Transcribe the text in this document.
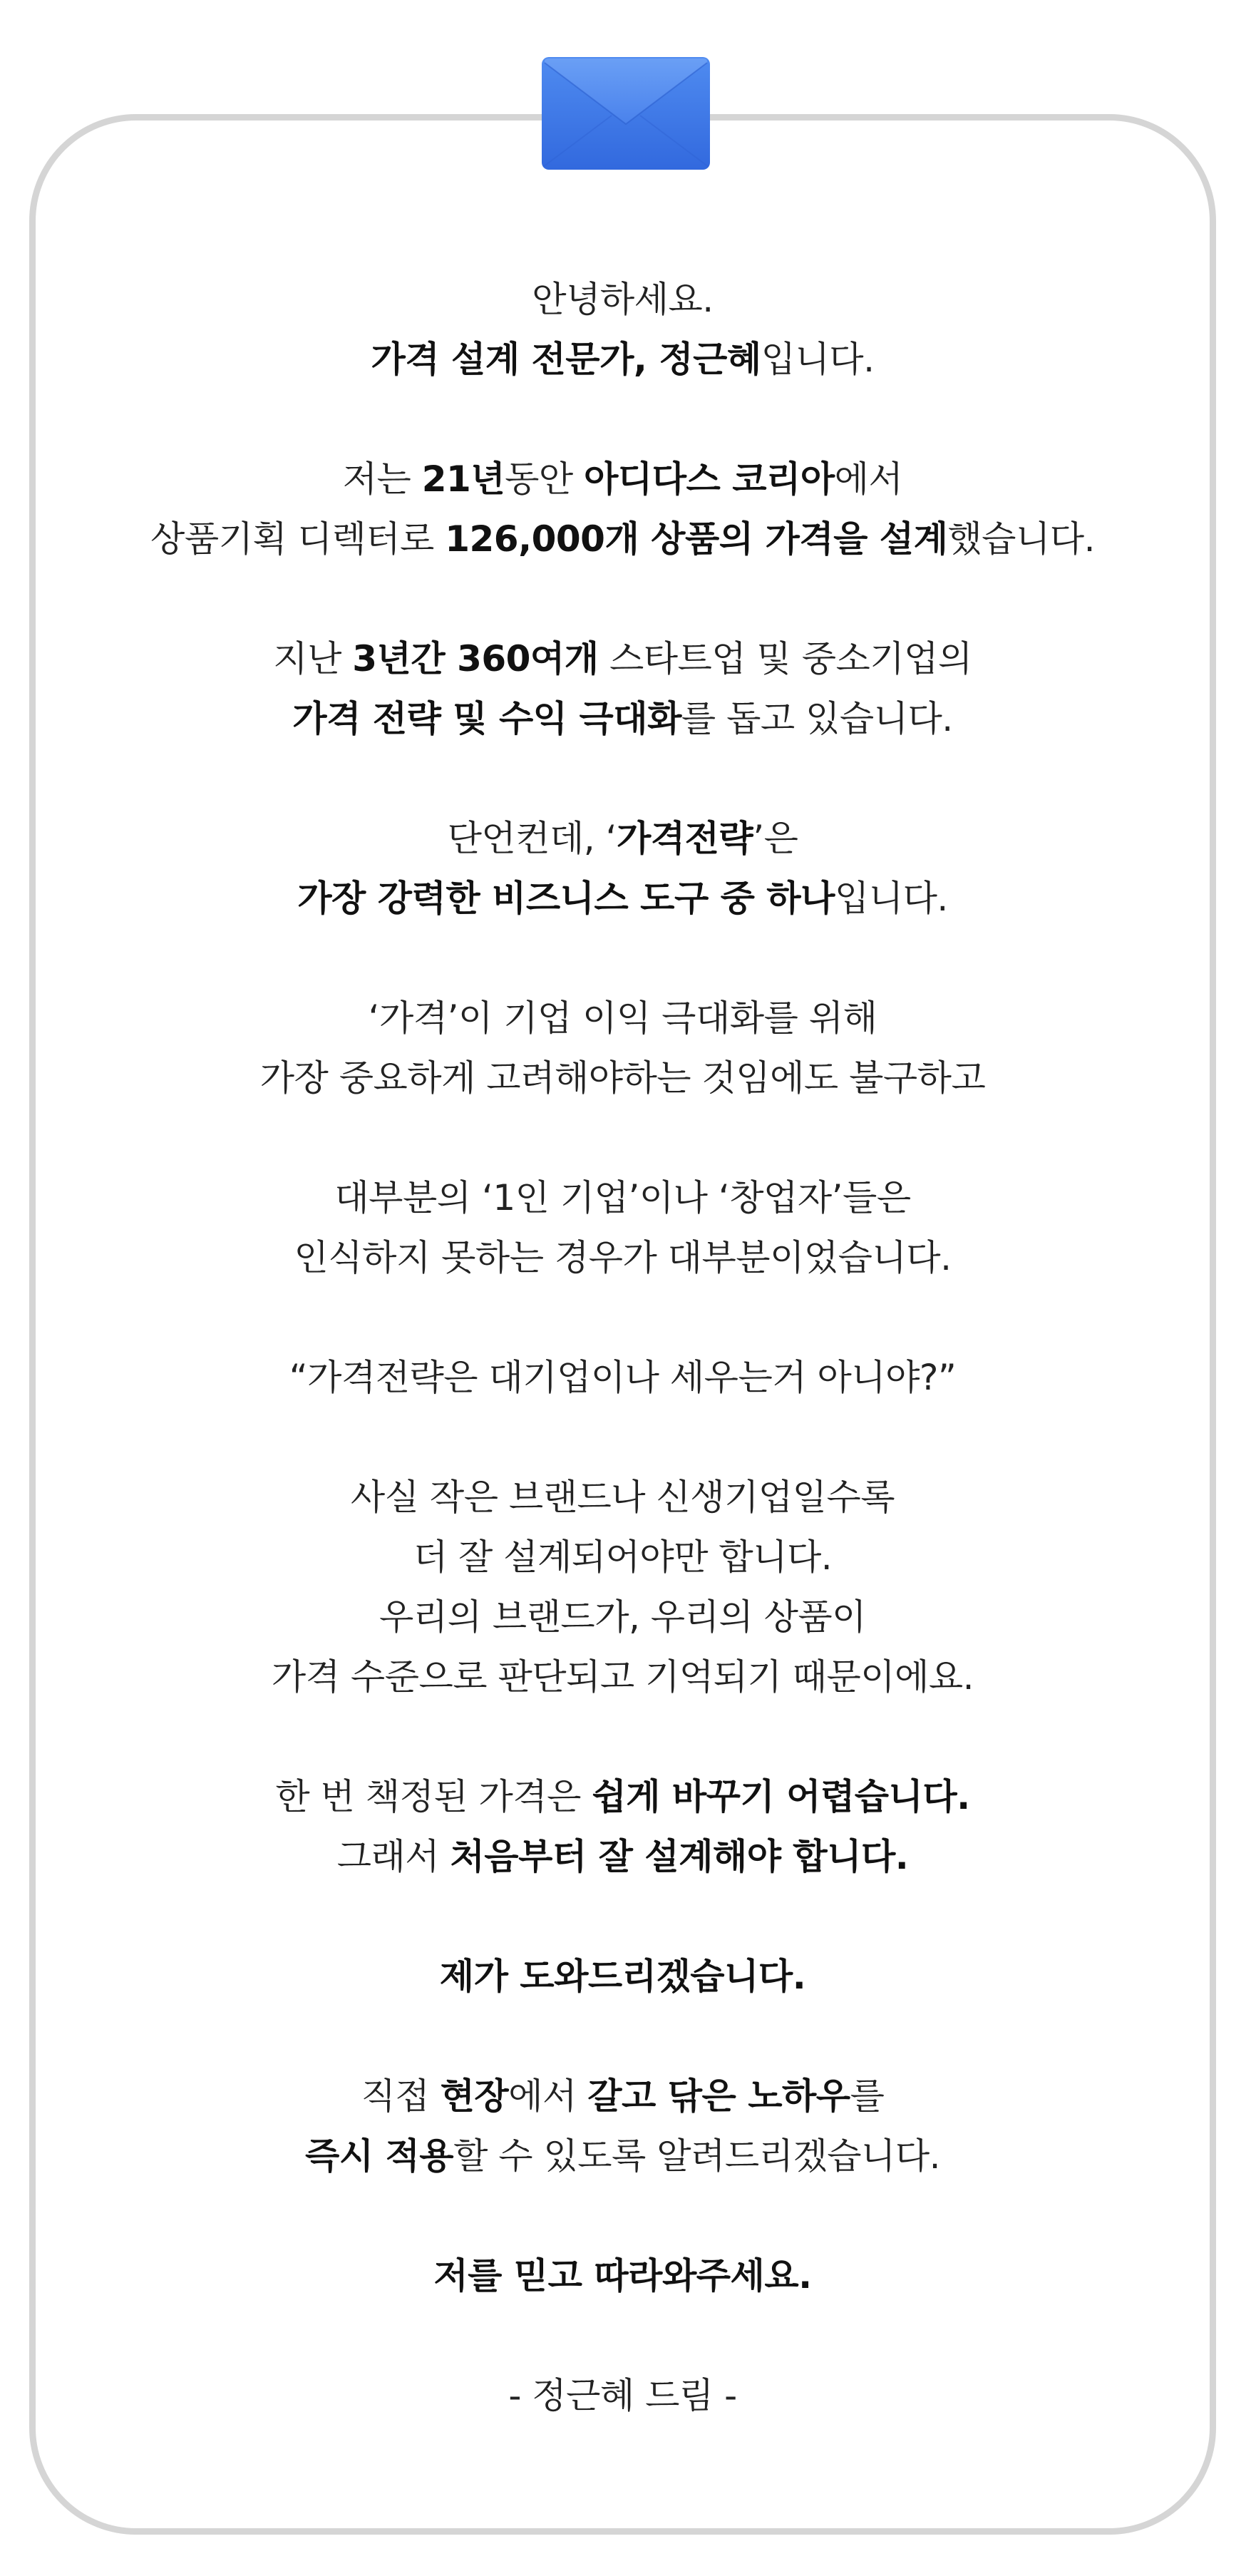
안녕하세요.
가격 설계 전문가, 정근혜입니다.
저는 21년동안 아디다스 코리아에서
상품기획 디렉터로 126,000개 상품의 가격을 설계했습니다.
지난 3년간 360여개 스타트업 및 중소기업의
가격 전략 및 수익 극대화를 돕고 있습니다.
단언컨데, ‘가격전략’은
가장 강력한 비즈니스 도구 중 하나입니다.
‘가격’이 기업 이익 극대화를 위해
가장 중요하게 고려해야하는 것임에도 불구하고
대부분의 ‘1인 기업’이나 ‘창업자’들은
인식하지 못하는 경우가 대부분이었습니다.
“가격전략은 대기업이나 세우는거 아니야?”
사실 작은 브랜드나 신생기업일수록
더 잘 설계되어야만 합니다.
우리의 브랜드가, 우리의 상품이
가격 수준으로 판단되고 기억되기 때문이에요.
한 번 책정된 가격은 쉽게 바꾸기 어렵습니다.
그래서 처음부터 잘 설계해야 합니다.
제가 도와드리겠습니다.
직접 현장에서 갈고 닦은 노하우를
즉시 적용할 수 있도록 알려드리겠습니다.
저를 믿고 따라와주세요.
- 정근혜 드림 -
